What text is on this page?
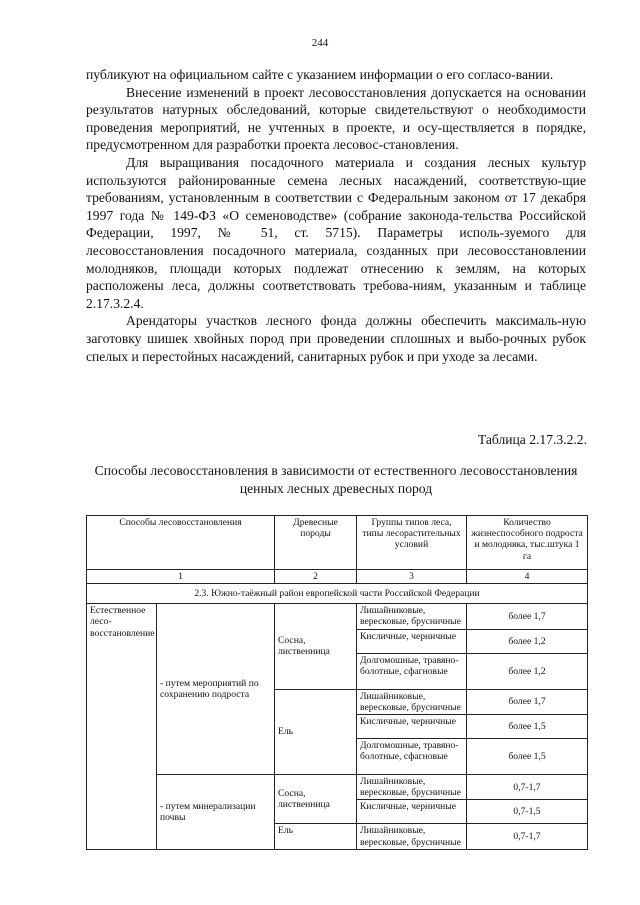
244

публикуют на официальном сайте с указанием информации о его согласо-вании.

Внесение изменений в проект лесовосстановления допускается на основании результатов натурных обследований, которые свидетельствуют о необходимости проведения мероприятий, не учтенных в проекте, и осу-ществляется в порядке, предусмотренном для разработки проекта лесовос-становления.

Для выращивания посадочного материала и создания лесных культур используются районированные семена лесных насаждений, соответствую-щие требованиям, установленным в соответствии с Федеральным законом от 17 декабря 1997 года № 149-ФЗ «О семеноводстве» (собрание законода-тельства Российской Федерации, 1997, № 51, ст. 5715). Параметры исполь-зуемого для лесовосстановления посадочного материала, созданных при лесовосстановлении молодняков, площади которых подлежат отнесению к землям, на которых расположены леса, должны соответствовать требова-ниям, указанным и таблице 2.17.3.2.4.

Арендаторы участков лесного фонда должны обеспечить максималь-ную заготовку шишек хвойных пород при проведении сплошных и выбо-рочных рубок спелых и перестойных насаждений, санитарных рубок и при уходе за лесами.

Таблица 2.17.3.2.2.
Способы лесовосстановления в зависимости от естественного лесовосстановления ценных лесных древесных пород
Способы лесовосстановления		Древесные породы	Группы типов леса, типы лесорастительных условий	Количество жизнеспособного подроста и молодняка, тыс.штука 1 га
1		2	3	4
2.3. Южно-таёжный район европейской части Российской Федерации				
Естественное лесо-восстановление	- путем мероприятий по сохранению подроста	Сосна, лиственница	Лишайниковые, вересковые, брусничные	более 1,7
			Кисличные, черничные	более 1,2
			Долгомошные, травяно-болотные, сфагновые	более 1,2
		Ель	Лишайниковые, вересковые, брусничные	более 1,7
			Кисличные, черничные	более 1,5
			Долгомошные, травяно-болотные, сфагновые	более 1,5
	- путем минерализации почвы	Сосна, лиственница	Лишайниковые, вересковые, брусничные	0,7-1,7
			Кисличные, черничные	0,7-1,5
		Ель	Лишайниковые, вересковые, брусничные	0,7-1,7
